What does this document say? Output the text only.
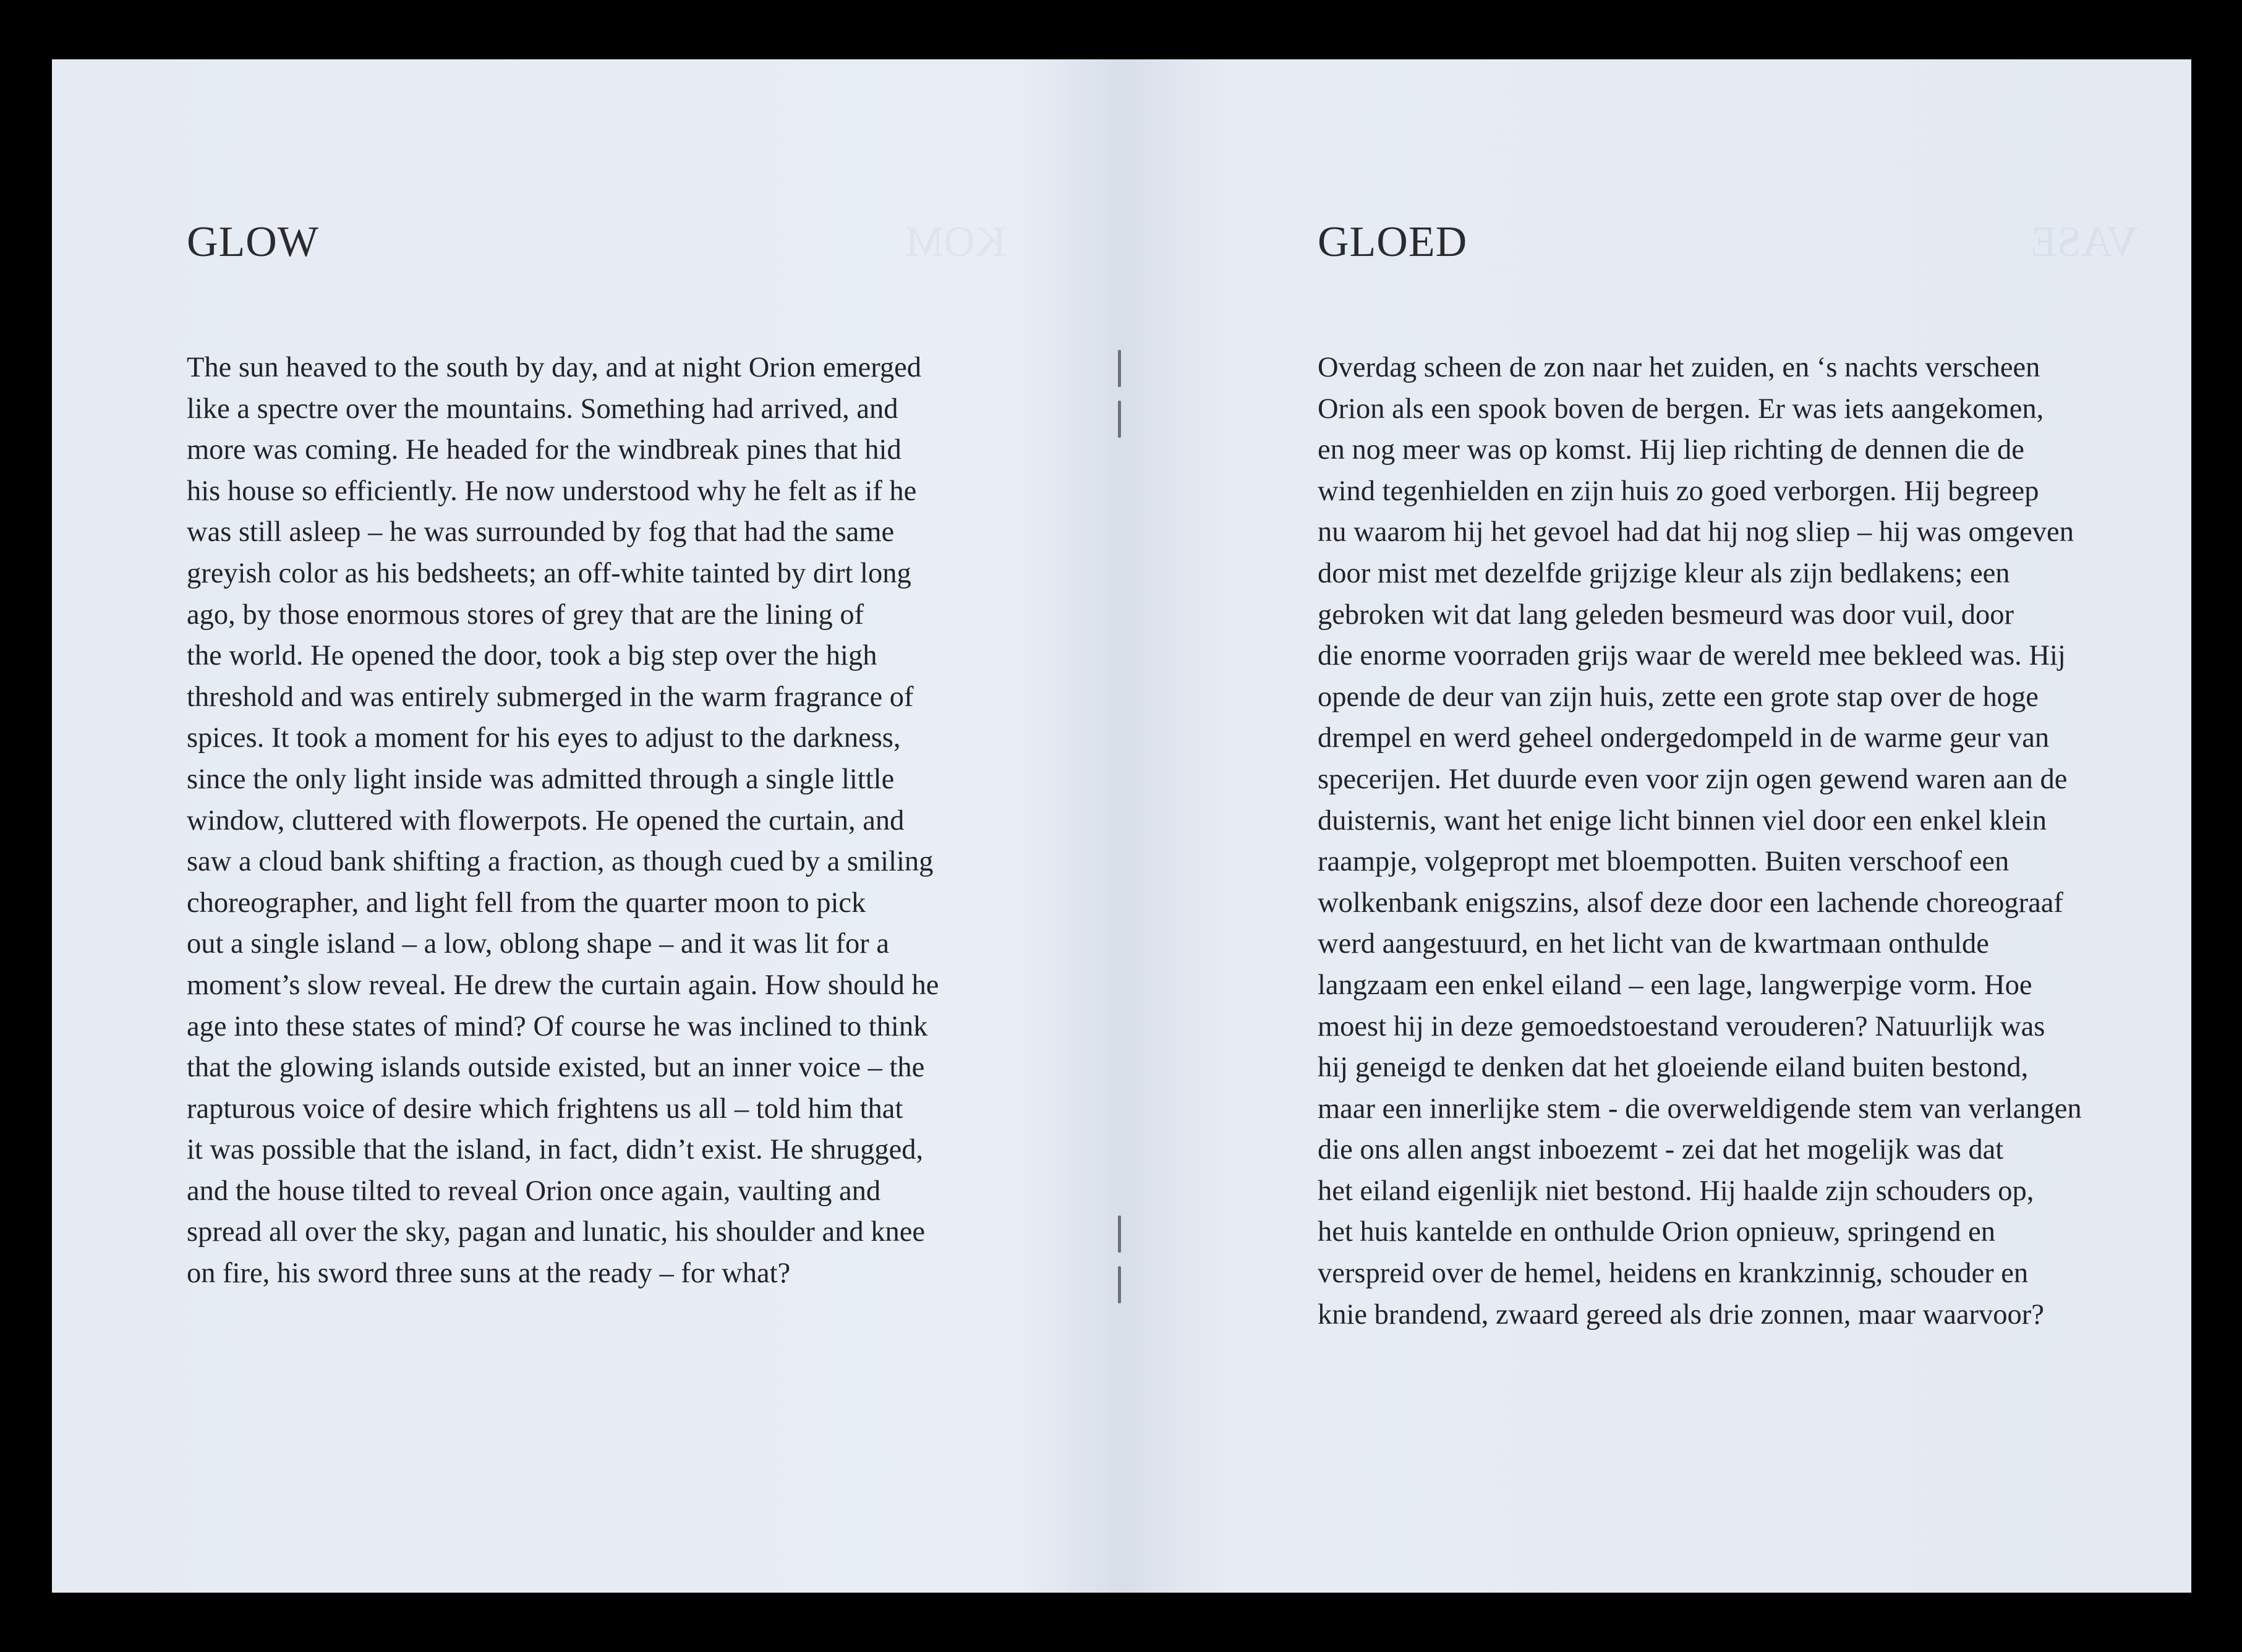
KOM
GLOW

The sun heaved to the south by day, and at night Orion emerged
like a spectre over the mountains. Something had arrived, and
more was coming. He headed for the windbreak pines that hid
his house so efficiently. He now understood why he felt as if he
was still asleep – he was surrounded by fog that had the same
greyish color as his bedsheets; an off-white tainted by dirt long
ago, by those enormous stores of grey that are the lining of
the world. He opened the door, took a big step over the high
threshold and was entirely submerged in the warm fragrance of
spices. It took a moment for his eyes to adjust to the darkness,
since the only light inside was admitted through a single little
window, cluttered with flowerpots. He opened the curtain, and
saw a cloud bank shifting a fraction, as though cued by a smiling
choreographer, and light fell from the quarter moon to pick
out a single island – a low, oblong shape – and it was lit for a
moment’s slow reveal. He drew the curtain again. How should he
age into these states of mind? Of course he was inclined to think
that the glowing islands outside existed, but an inner voice – the
rapturous voice of desire which frightens us all – told him that
it was possible that the island, in fact, didn’t exist. He shrugged,
and the house tilted to reveal Orion once again, vaulting and
spread all over the sky, pagan and lunatic, his shoulder and knee
on fire, his sword three suns at the ready – for what?

VASE
GLOED

Overdag scheen de zon naar het zuiden, en ‘s nachts verscheen
Orion als een spook boven de bergen. Er was iets aangekomen,
en nog meer was op komst. Hij liep richting de dennen die de
wind tegenhielden en zijn huis zo goed verborgen. Hij begreep
nu waarom hij het gevoel had dat hij nog sliep – hij was omgeven
door mist met dezelfde grijzige kleur als zijn bedlakens; een
gebroken wit dat lang geleden besmeurd was door vuil, door
die enorme voorraden grijs waar de wereld mee bekleed was. Hij
opende de deur van zijn huis, zette een grote stap over de hoge
drempel en werd geheel ondergedompeld in de warme geur van
specerijen. Het duurde even voor zijn ogen gewend waren aan de
duisternis, want het enige licht binnen viel door een enkel klein
raampje, volgepropt met bloempotten. Buiten verschoof een
wolkenbank enigszins, alsof deze door een lachende choreograaf
werd aangestuurd, en het licht van de kwartmaan onthulde
langzaam een enkel eiland – een lage, langwerpige vorm. Hoe
moest hij in deze gemoedstoestand verouderen? Natuurlijk was
hij geneigd te denken dat het gloeiende eiland buiten bestond,
maar een innerlijke stem - die overweldigende stem van verlangen
die ons allen angst inboezemt - zei dat het mogelijk was dat
het eiland eigenlijk niet bestond. Hij haalde zijn schouders op,
het huis kantelde en onthulde Orion opnieuw, springend en
verspreid over de hemel, heidens en krankzinnig, schouder en
knie brandend, zwaard gereed als drie zonnen, maar waarvoor?
